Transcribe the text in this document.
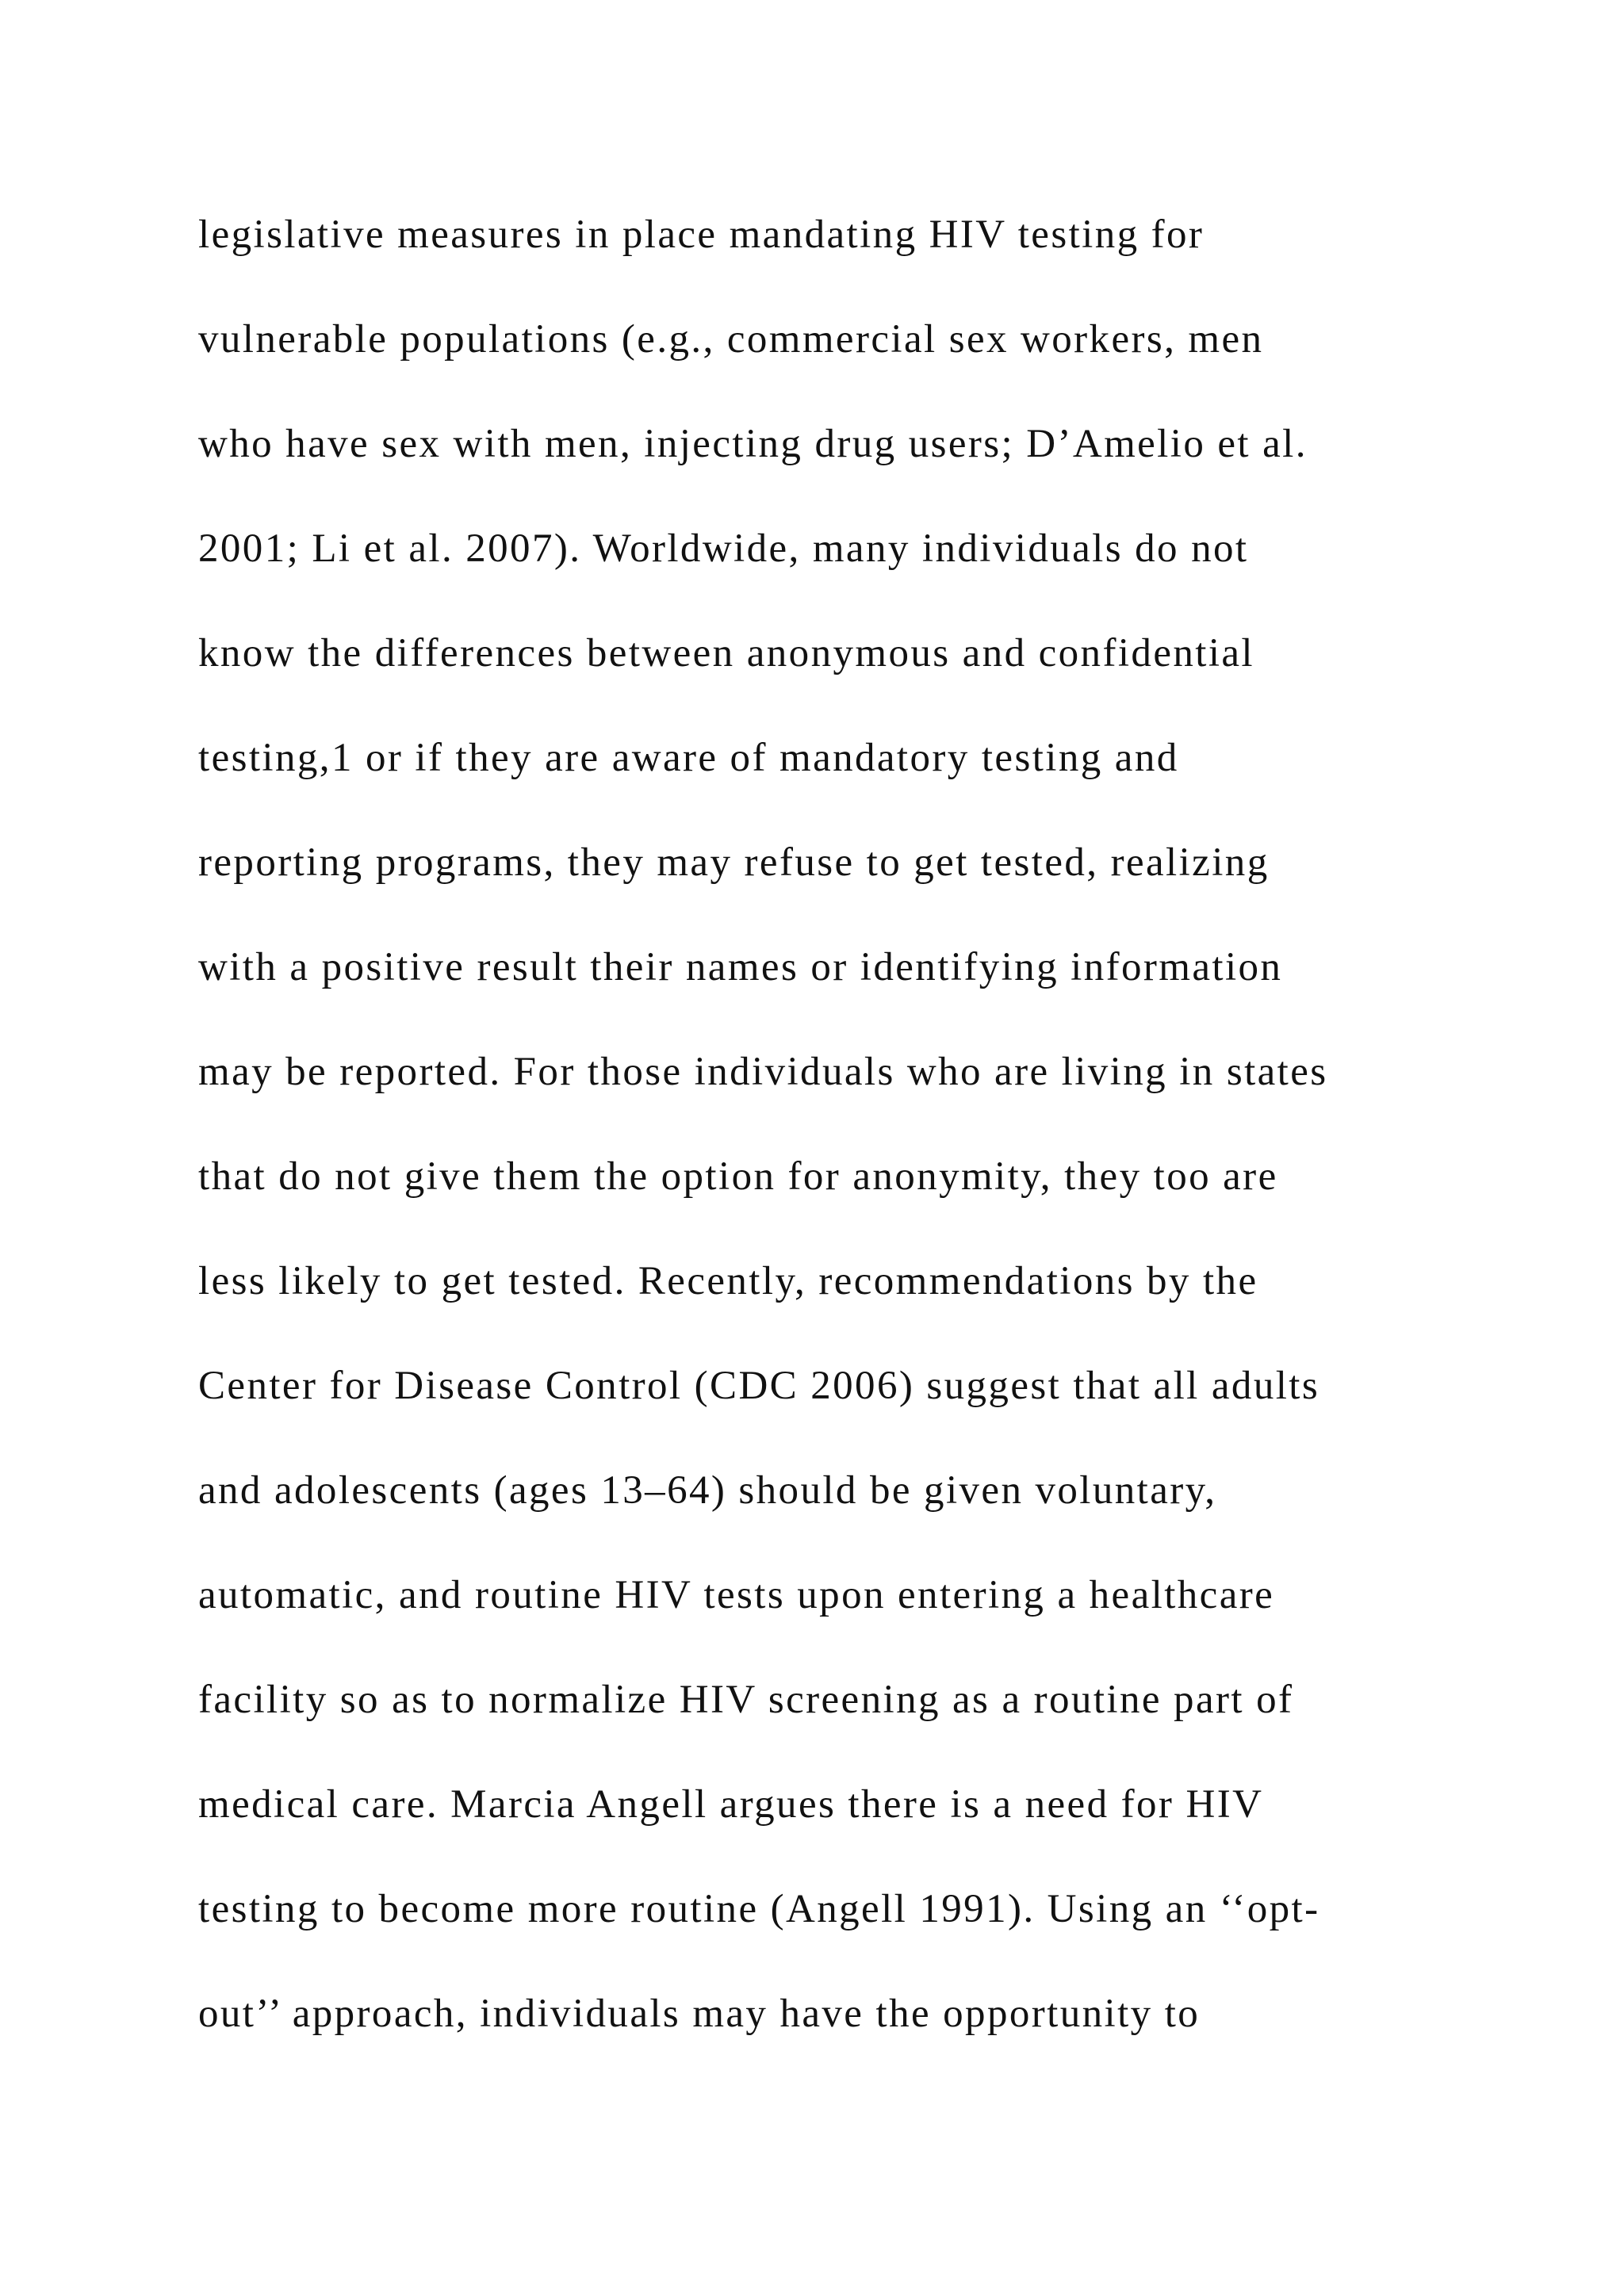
legislative measures in place mandating HIV testing for
vulnerable populations (e.g., commercial sex workers, men
who have sex with men, injecting drug users; D’Amelio et al.
2001; Li et al. 2007). Worldwide, many individuals do not
know the differences between anonymous and confidential
testing,1 or if they are aware of mandatory testing and
reporting programs, they may refuse to get tested, realizing
with a positive result their names or identifying information
may be reported. For those individuals who are living in states
that do not give them the option for anonymity, they too are
less likely to get tested. Recently, recommendations by the
Center for Disease Control (CDC 2006) suggest that all adults
and adolescents (ages 13–64) should be given voluntary,
automatic, and routine HIV tests upon entering a healthcare
facility so as to normalize HIV screening as a routine part of
medical care. Marcia Angell argues there is a need for HIV
testing to become more routine (Angell 1991). Using an ‘‘opt-
out’’ approach, individuals may have the opportunity to
